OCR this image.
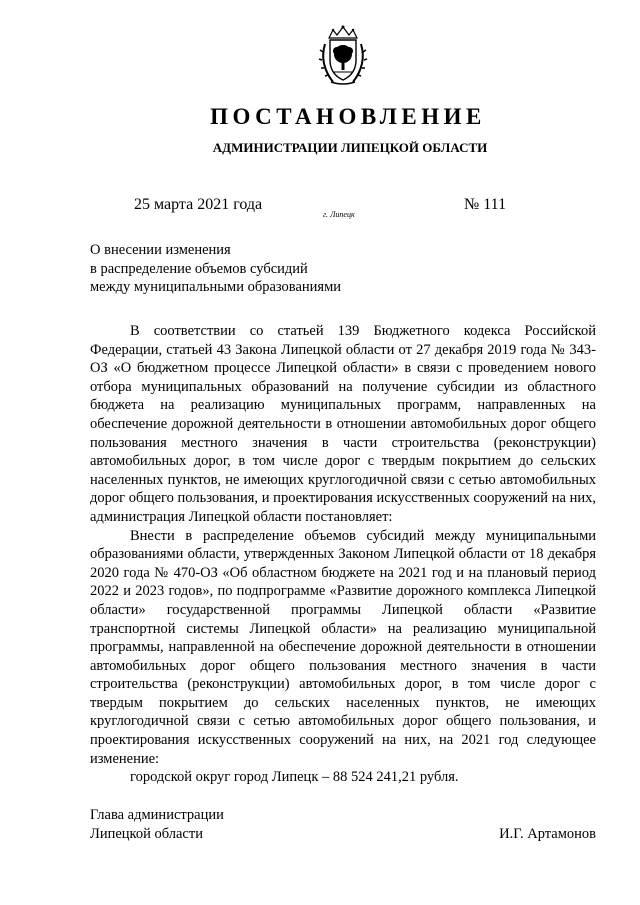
ПОСТАНОВЛЕНИЕ
АДМИНИСТРАЦИИ ЛИПЕЦКОЙ ОБЛАСТИ
25 марта 2021 года
г. Липецк
№ 111
О внесении изменения
в распределение объемов субсидий
между муниципальными образованиями

В соответствии со статьей 139 Бюджетного кодекса Российской Федерации, статьей 43 Закона Липецкой области от 27 декабря 2019 года № 343-ОЗ «О бюджетном процессе Липецкой области» в связи с проведением нового отбора муниципальных образований на получение субсидии из областного бюджета на реализацию муниципальных программ, направленных на обеспечение дорожной деятельности в отношении автомобильных дорог общего пользования местного значения в части строительства (реконструкции) автомобильных дорог, в том числе дорог с твердым покрытием до сельских населенных пунктов, не имеющих круглогодичной связи с сетью автомобильных дорог общего пользования, и проектирования искусственных сооружений на них, администрация Липецкой области постановляет:

Внести в распределение объемов субсидий между муниципальными образованиями области, утвержденных Законом Липецкой области от 18 декабря 2020 года № 470-ОЗ «Об областном бюджете на 2021 год и на плановый период 2022 и 2023 годов», по подпрограмме «Развитие дорожного комплекса Липецкой области» государственной программы Липецкой области «Развитие транспортной системы Липецкой области» на реализацию муниципальной программы, направленной на обеспечение дорожной деятельности в отношении автомобильных дорог общего пользования местного значения в части строительства (реконструкции) автомобильных дорог, в том числе дорог с твердым покрытием до сельских населенных пунктов, не имеющих круглогодичной связи с сетью автомобильных дорог общего пользования, и проектирования искусственных сооружений на них, на 2021 год следующее изменение:

городской округ город Липецк – 88 524 241,21 рубля.

Глава администрации
Липецкой области	И.Г. Артамонов
